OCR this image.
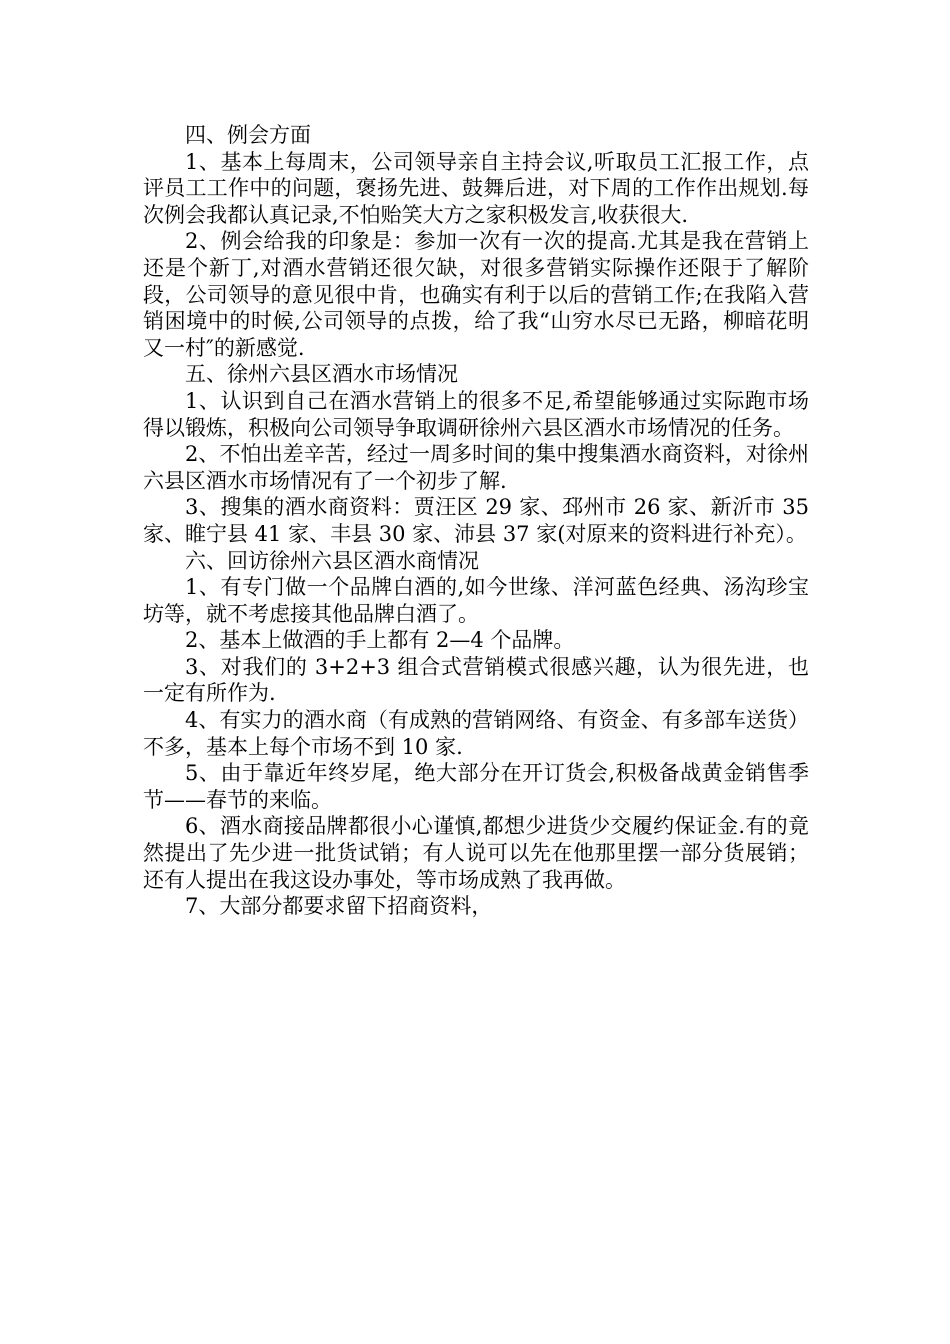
四、例会方面

1、基本上每周末，公司领导亲自主持会议,听取员工汇报工作，点评员工工作中的问题，褒扬先进、鼓舞后进，对下周的工作作出规划.每次例会我都认真记录,不怕贻笑大方之家积极发言,收获很大.

2、例会给我的印象是：参加一次有一次的提高.尤其是我在营销上还是个新丁,对酒水营销还很欠缺，对很多营销实际操作还限于了解阶段，公司领导的意见很中肯，也确实有利于以后的营销工作;在我陷入营销困境中的时候,公司领导的点拨，给了我“山穷水尽已无路，柳暗花明又一村″的新感觉.

五、徐州六县区酒水市场情况

1、认识到自己在酒水营销上的很多不足,希望能够通过实际跑市场得以锻炼，积极向公司领导争取调研徐州六县区酒水市场情况的任务。

2、不怕出差辛苦，经过一周多时间的集中搜集酒水商资料，对徐州六县区酒水市场情况有了一个初步了解.

3、搜集的酒水商资料：贾汪区 29 家、邳州市 26 家、新沂市 35 家、睢宁县 41 家、丰县 30 家、沛县 37 家(对原来的资料进行补充）。

六、回访徐州六县区酒水商情况

1、有专门做一个品牌白酒的,如今世缘、洋河蓝色经典、汤沟珍宝坊等，就不考虑接其他品牌白酒了。

2、基本上做酒的手上都有 2—4 个品牌。

3、对我们的 3+2+3 组合式营销模式很感兴趣，认为很先进，也一定有所作为.

4、有实力的酒水商（有成熟的营销网络、有资金、有多部车送货）不多，基本上每个市场不到 10 家.

5、由于靠近年终岁尾，绝大部分在开订货会,积极备战黄金销售季节——春节的来临。

6、酒水商接品牌都很小心谨慎,都想少进货少交履约保证金.有的竟然提出了先少进一批货试销；有人说可以先在他那里摆一部分货展销；还有人提出在我这设办事处，等市场成熟了我再做。

7、大部分都要求留下招商资料，
